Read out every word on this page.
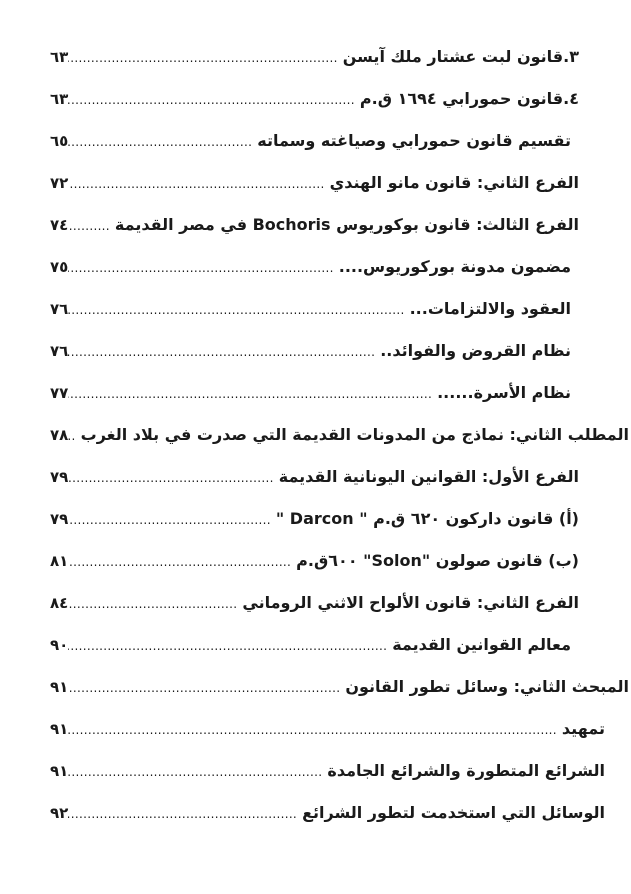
٣.قانون لبت عشتار ملك آيسن
.....
٦٣
٤.قانون حمورابي ١٦٩٤ ق.م
.....
٦٣
تقسيم قانون حمورابي وصياغته وسماته
.....
٦٥
الفرع الثاني: قانون مانو الهندي
.....
٧٢
الفرع الثالث: قانون بوكوريوس Bochoris في مصر القديمة
.....
٧٤
مضمون مدونة بوركوريوس....
.....
٧٥
العقود والالتزامات...
.....
٧٦
نظام القروض والفوائد..
.....
٧٦
نظام الأسرة......
.....
٧٧
المطلب الثاني: نماذج من المدونات القديمة التي صدرت في بلاد الغرب
.....
٧٨
الفرع الأول: القوانين اليونانية القديمة
.....
٧٩
(أ) قانون داركون ٦٢٠ ق.م " Darcon "
.....
٧٩
(ب) قانون صولون "Solon" ٦٠٠ق.م
.....
٨١
الفرع الثاني: قانون الألواح الاثني الروماني
.....
٨٤
معالم القوانين القديمة
.....
٩٠
المبحث الثاني: وسائل تطور القانون
.....
٩١
تمهيد
.....
٩١
الشرائع المتطورة والشرائع الجامدة
.....
٩١
الوسائل التي استخدمت لتطور الشرائع
.....
٩٢
